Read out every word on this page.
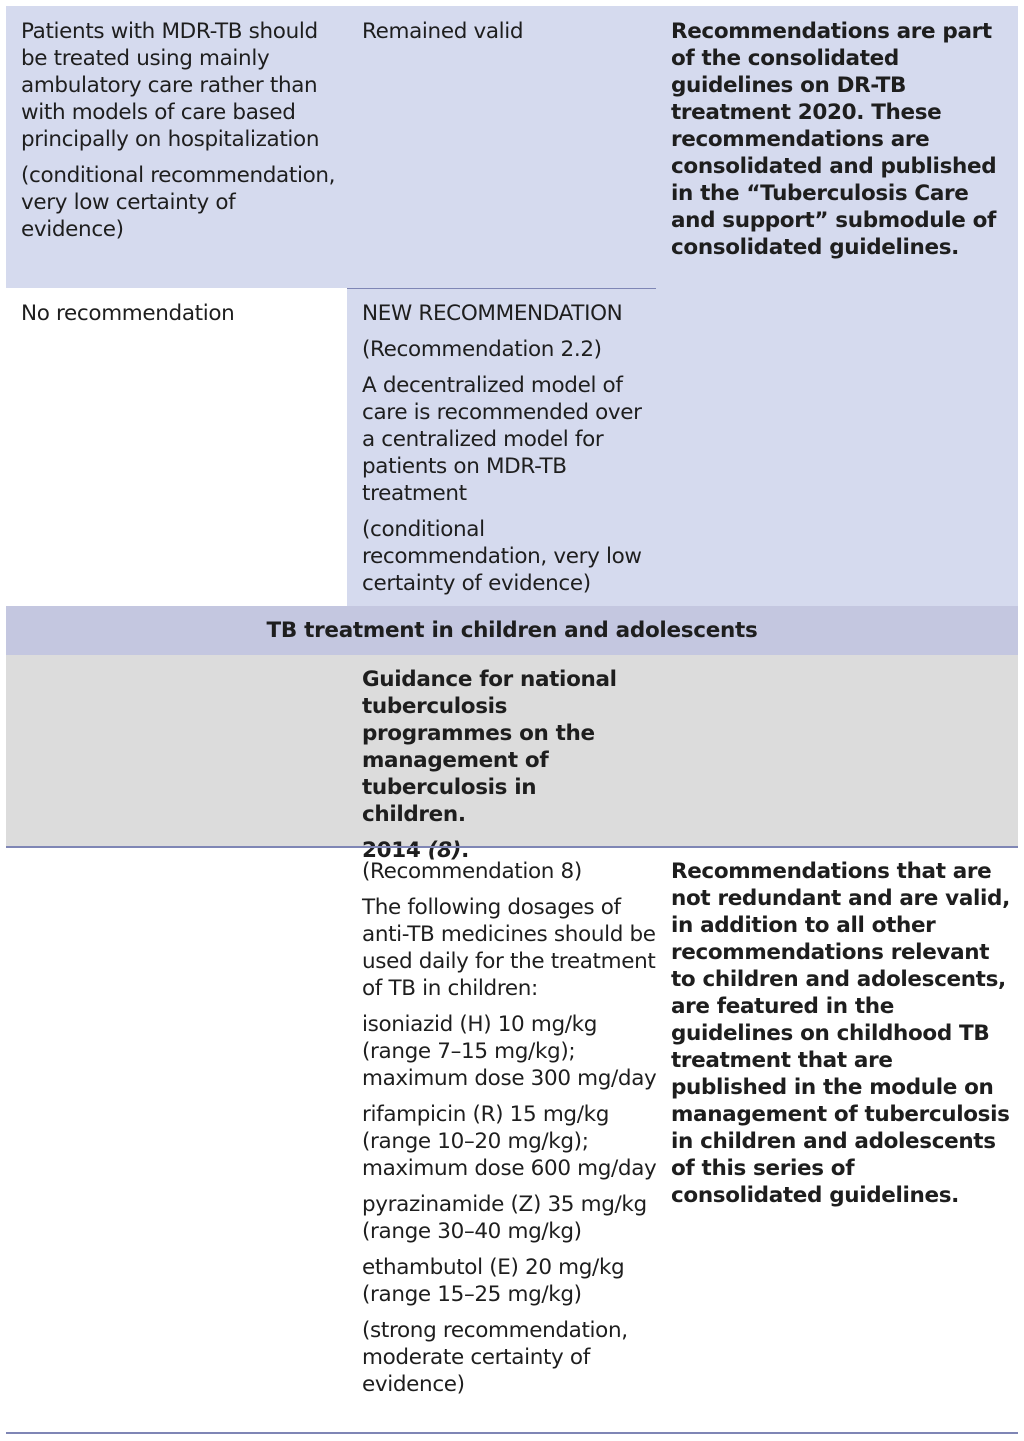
Patients with MDR-TB should be treated using mainly ambulatory care rather than with models of care based principally on hospitalization

(conditional recommendation, very low certainty of evidence)

Remained valid	Recommendations are part of the consolidated guidelines on DR-TB treatment 2020. These recommendations are consolidated and published in the “Tuberculosis Care and support” submodule of consolidated guidelines.

No recommendation	NEW RECOMMENDATION

(Recommendation 2.2)

A decentralized model of care is recommended over a centralized model for patients on MDR-TB treatment

(conditional recommendation, very low certainty of evidence)

TB treatment in children and adolescents

Guidance for national tuberculosis programmes on the management of tuberculosis in children.

2014 (8).

(Recommendation 8)

The following dosages of anti-TB medicines should be used daily for the treatment of TB in children:

isoniazid (H) 10 mg/kg (range 7–15 mg/kg); maximum dose 300 mg/day

rifampicin (R) 15 mg/kg (range 10–20 mg/kg); maximum dose 600 mg/day

pyrazinamide (Z) 35 mg/kg (range 30–40 mg/kg)

ethambutol (E) 20 mg/kg (range 15–25 mg/kg)

(strong recommendation, moderate certainty of evidence)

Recommendations that are not redundant and are valid, in addition to all other recommendations relevant to children and adolescents, are featured in the guidelines on childhood TB treatment that are published in the module on management of tuberculosis in children and adolescents of this series of consolidated guidelines.
